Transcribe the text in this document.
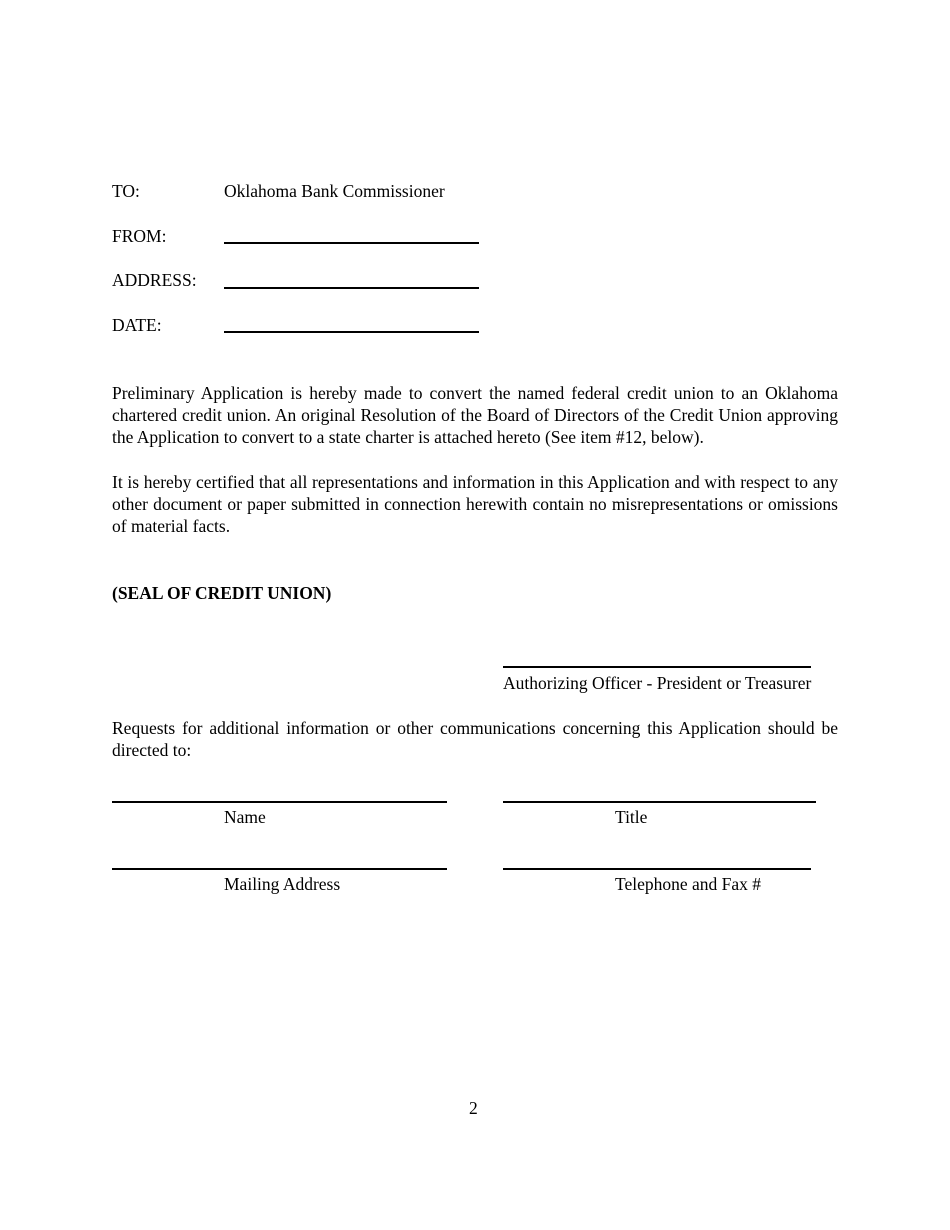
TO:	Oklahoma Bank Commissioner
FROM:
ADDRESS:
DATE:
Preliminary Application is hereby made to convert the named federal credit union to an Oklahoma chartered credit union. An original Resolution of the Board of Directors of the Credit Union approving the Application to convert to a state charter is attached hereto (See item #12, below).
It is hereby certified that all representations and information in this Application and with respect to any other document or paper submitted in connection herewith contain no misrepresentations or omissions of material facts.
(SEAL OF CREDIT UNION)
Authorizing Officer - President or Treasurer
Requests for additional information or other communications concerning this Application should be directed to:
Name	Title
Mailing Address	Telephone and Fax #
2
